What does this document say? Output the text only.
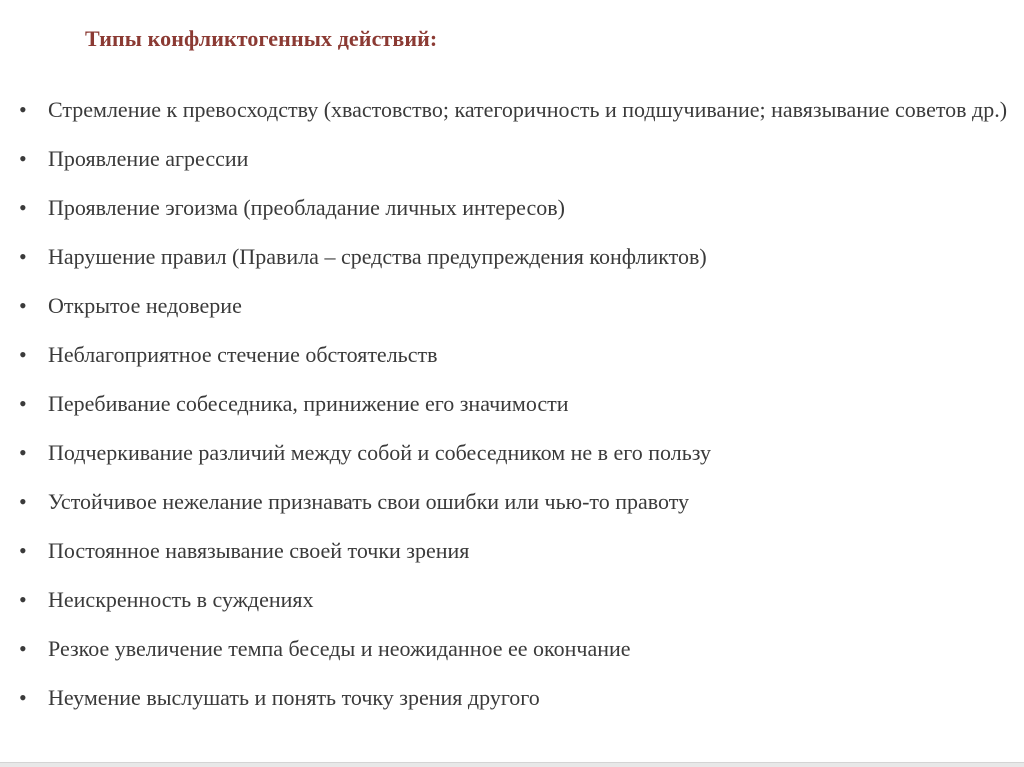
Типы конфликтогенных действий:
• Стремление к превосходству (хвастовство; категоричность и подшучивание; навязывание советов др.)
• Проявление агрессии
• Проявление эгоизма (преобладание личных интересов)
• Нарушение правил (Правила – средства предупреждения конфликтов)
• Открытое недоверие
• Неблагоприятное стечение обстоятельств
• Перебивание собеседника, принижение его значимости
• Подчеркивание различий между собой и собеседником не в его пользу
• Устойчивое нежелание признавать свои ошибки или чью-то правоту
• Постоянное навязывание своей точки зрения
• Неискренность в суждениях
• Резкое увеличение темпа беседы и неожиданное ее окончание
• Неумение выслушать и понять точку зрения другого
